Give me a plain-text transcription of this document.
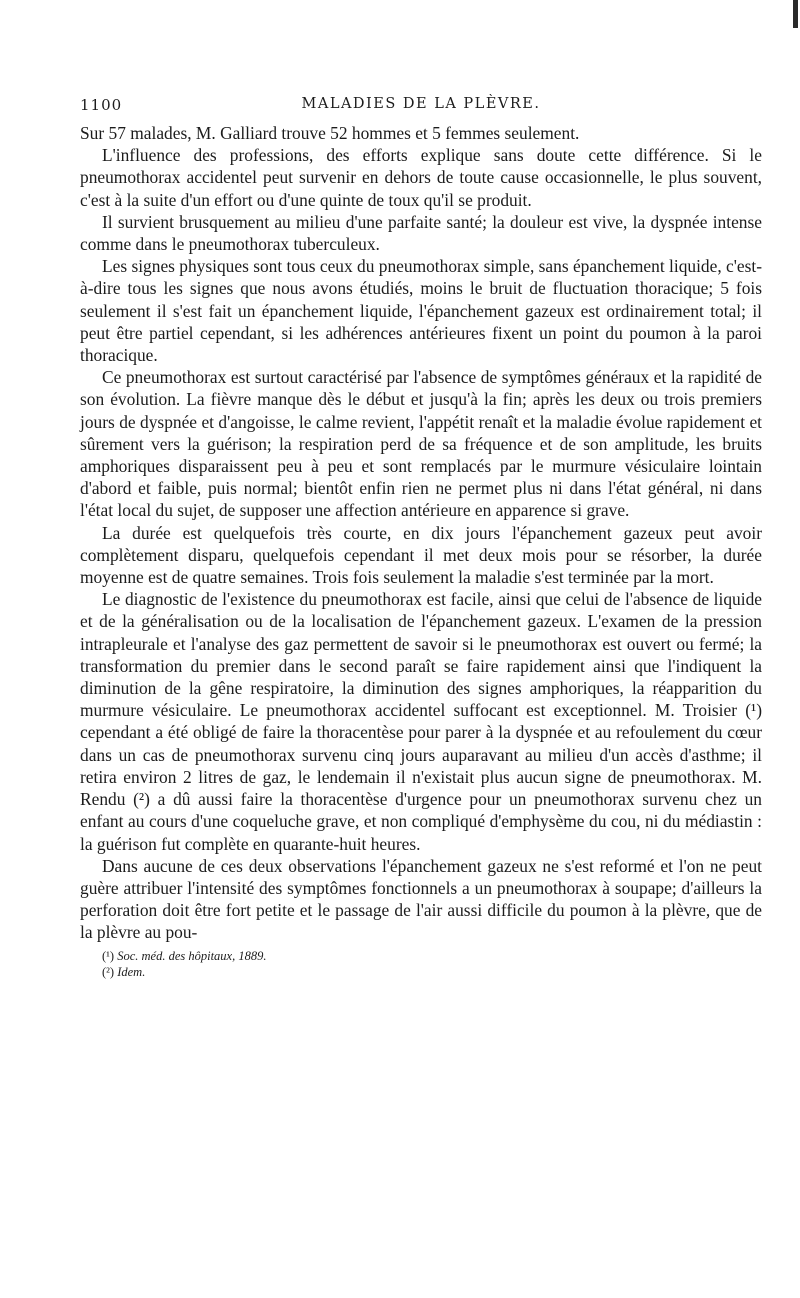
1100	MALADIES DE LA PLÈVRE.

Sur 57 malades, M. Galliard trouve 52 hommes et 5 femmes seulement.

L'influence des professions, des efforts explique sans doute cette différence. Si le pneumothorax accidentel peut survenir en dehors de toute cause occasionnelle, le plus souvent, c'est à la suite d'un effort ou d'une quinte de toux qu'il se produit.

Il survient brusquement au milieu d'une parfaite santé; la douleur est vive, la dyspnée intense comme dans le pneumothorax tuberculeux.

Les signes physiques sont tous ceux du pneumothorax simple, sans épanchement liquide, c'est-à-dire tous les signes que nous avons étudiés, moins le bruit de fluctuation thoracique; 5 fois seulement il s'est fait un épanchement liquide, l'épanchement gazeux est ordinairement total; il peut être partiel cependant, si les adhérences antérieures fixent un point du poumon à la paroi thoracique.

Ce pneumothorax est surtout caractérisé par l'absence de symptômes généraux et la rapidité de son évolution. La fièvre manque dès le début et jusqu'à la fin; après les deux ou trois premiers jours de dyspnée et d'angoisse, le calme revient, l'appétit renaît et la maladie évolue rapidement et sûrement vers la guérison; la respiration perd de sa fréquence et de son amplitude, les bruits amphoriques disparaissent peu à peu et sont remplacés par le murmure vésiculaire lointain d'abord et faible, puis normal; bientôt enfin rien ne permet plus ni dans l'état général, ni dans l'état local du sujet, de supposer une affection antérieure en apparence si grave.

La durée est quelquefois très courte, en dix jours l'épanchement gazeux peut avoir complètement disparu, quelquefois cependant il met deux mois pour se résorber, la durée moyenne est de quatre semaines. Trois fois seulement la maladie s'est terminée par la mort.

Le diagnostic de l'existence du pneumothorax est facile, ainsi que celui de l'absence de liquide et de la généralisation ou de la localisation de l'épanchement gazeux. L'examen de la pression intrapleurale et l'analyse des gaz permettent de savoir si le pneumothorax est ouvert ou fermé; la transformation du premier dans le second paraît se faire rapidement ainsi que l'indiquent la diminution de la gêne respiratoire, la diminution des signes amphoriques, la réapparition du murmure vésiculaire. Le pneumothorax accidentel suffocant est exceptionnel. M. Troisier (¹) cependant a été obligé de faire la thoracentèse pour parer à la dyspnée et au refoulement du cœur dans un cas de pneumothorax survenu cinq jours auparavant au milieu d'un accès d'asthme; il retira environ 2 litres de gaz, le lendemain il n'existait plus aucun signe de pneumothorax. M. Rendu (²) a dû aussi faire la thoracentèse d'urgence pour un pneumothorax survenu chez un enfant au cours d'une coqueluche grave, et non compliqué d'emphysème du cou, ni du médiastin : la guérison fut complète en quarante-huit heures.

Dans aucune de ces deux observations l'épanchement gazeux ne s'est reformé et l'on ne peut guère attribuer l'intensité des symptômes fonctionnels a un pneumothorax à soupape; d'ailleurs la perforation doit être fort petite et le passage de l'air aussi difficile du poumon à la plèvre, que de la plèvre au pou-

(¹) Soc. méd. des hôpitaux, 1889.
(²) Idem.
